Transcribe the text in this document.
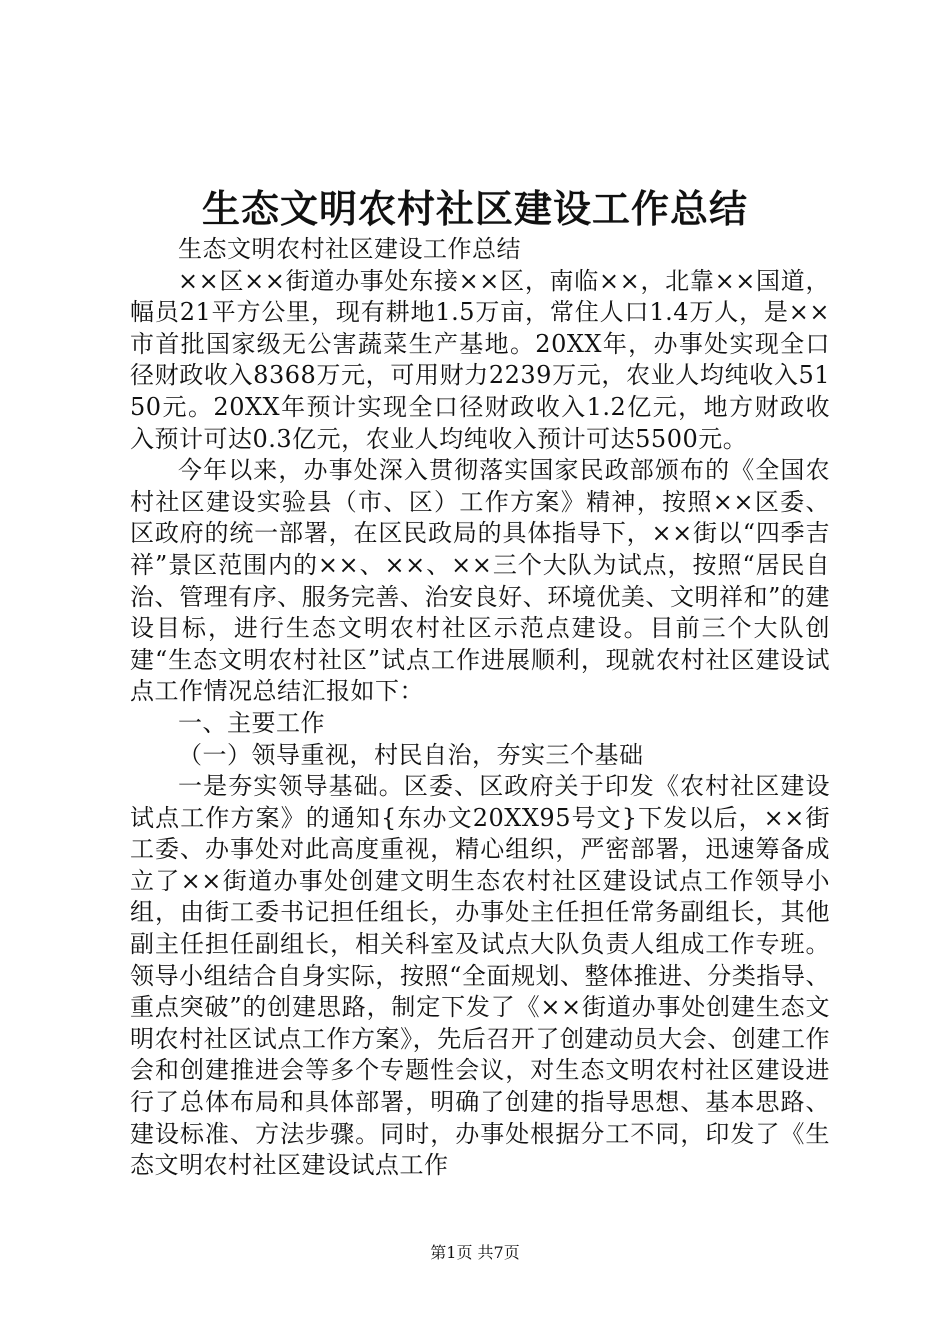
生态文明农村社区建设工作总结

生态文明农村社区建设工作总结

××区××街道办事处东接××区，南临××，北靠××国道，幅员21平方公里，现有耕地1.5万亩，常住人口1.4万人，是××市首批国家级无公害蔬菜生产基地。20XX年，办事处实现全口径财政收入8368万元，可用财力2239万元，农业人均纯收入5150元。20XX年预计实现全口径财政收入1.2亿元，地方财政收入预计可达0.3亿元，农业人均纯收入预计可达5500元。

今年以来，办事处深入贯彻落实国家民政部颁布的《全国农村社区建设实验县（市、区）工作方案》精神，按照××区委、区政府的统一部署，在区民政局的具体指导下，××街以“四季吉祥”景区范围内的××、××、××三个大队为试点，按照“居民自治、管理有序、服务完善、治安良好、环境优美、文明祥和”的建设目标，进行生态文明农村社区示范点建设。目前三个大队创建“生态文明农村社区”试点工作进展顺利，现就农村社区建设试点工作情况总结汇报如下：

一、主要工作

（一）领导重视，村民自治，夯实三个基础

一是夯实领导基础。区委、区政府关于印发《农村社区建设试点工作方案》的通知{东办文20XX95号文}下发以后，××街工委、办事处对此高度重视，精心组织，严密部署，迅速筹备成立了××街道办事处创建文明生态农村社区建设试点工作领导小组，由街工委书记担任组长，办事处主任担任常务副组长，其他副主任担任副组长，相关科室及试点大队负责人组成工作专班。领导小组结合自身实际，按照“全面规划、整体推进、分类指导、重点突破”的创建思路，制定下发了《××街道办事处创建生态文明农村社区试点工作方案》，先后召开了创建动员大会、创建工作会和创建推进会等多个专题性会议，对生态文明农村社区建设进行了总体布局和具体部署，明确了创建的指导思想、基本思路、建设标准、方法步骤。同时，办事处根据分工不同，印发了《生态文明农村社区建设试点工作

第1页 共7页
